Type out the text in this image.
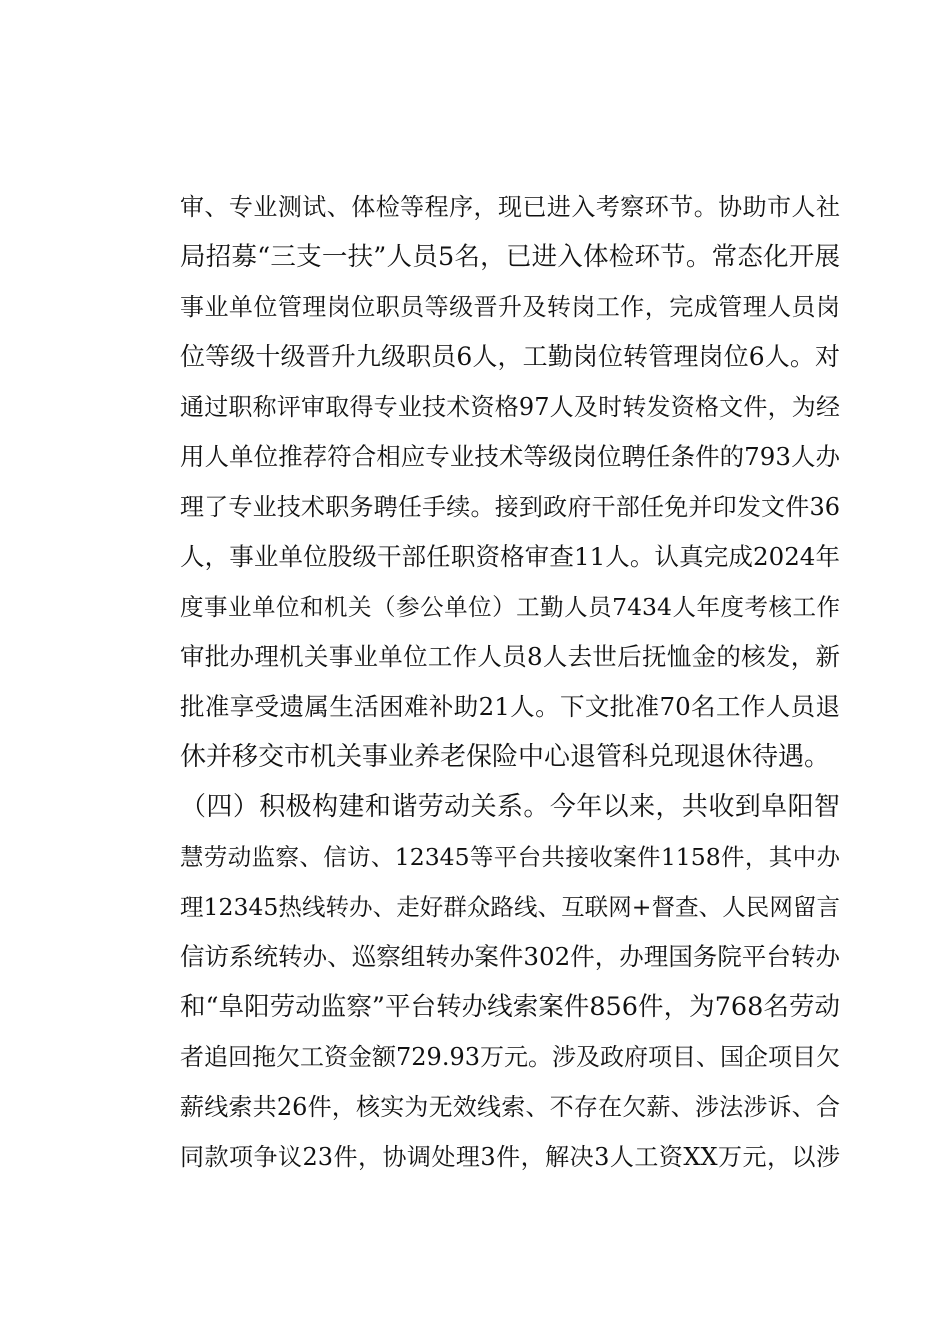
审、专业测试、体检等程序，现已进入考察环节。协助市人社
局招募“三支一扶”人员5名，已进入体检环节。常态化开展
事业单位管理岗位职员等级晋升及转岗工作，完成管理人员岗
位等级十级晋升九级职员6人，工勤岗位转管理岗位6人。对
通过职称评审取得专业技术资格97人及时转发资格文件，为经
用人单位推荐符合相应专业技术等级岗位聘任条件的793人办
理了专业技术职务聘任手续。接到政府干部任免并印发文件36
人，事业单位股级干部任职资格审查11人。认真完成2024年
度事业单位和机关（参公单位）工勤人员7434人年度考核工作
审批办理机关事业单位工作人员8人去世后抚恤金的核发，新
批准享受遗属生活困难补助21人。下文批准70名工作人员退
休并移交市机关事业养老保险中心退管科兑现退休待遇。
（四）积极构建和谐劳动关系。今年以来，共收到阜阳智
慧劳动监察、信访、12345等平台共接收案件1158件，其中办
理12345热线转办、走好群众路线、互联网+督查、人民网留言
信访系统转办、巡察组转办案件302件，办理国务院平台转办
和“阜阳劳动监察”平台转办线索案件856件，为768名劳动
者追回拖欠工资金额729.93万元。涉及政府项目、国企项目欠
薪线索共26件，核实为无效线索、不存在欠薪、涉法涉诉、合
同款项争议23件，协调处理3件，解决3人工资XX万元，以涉
